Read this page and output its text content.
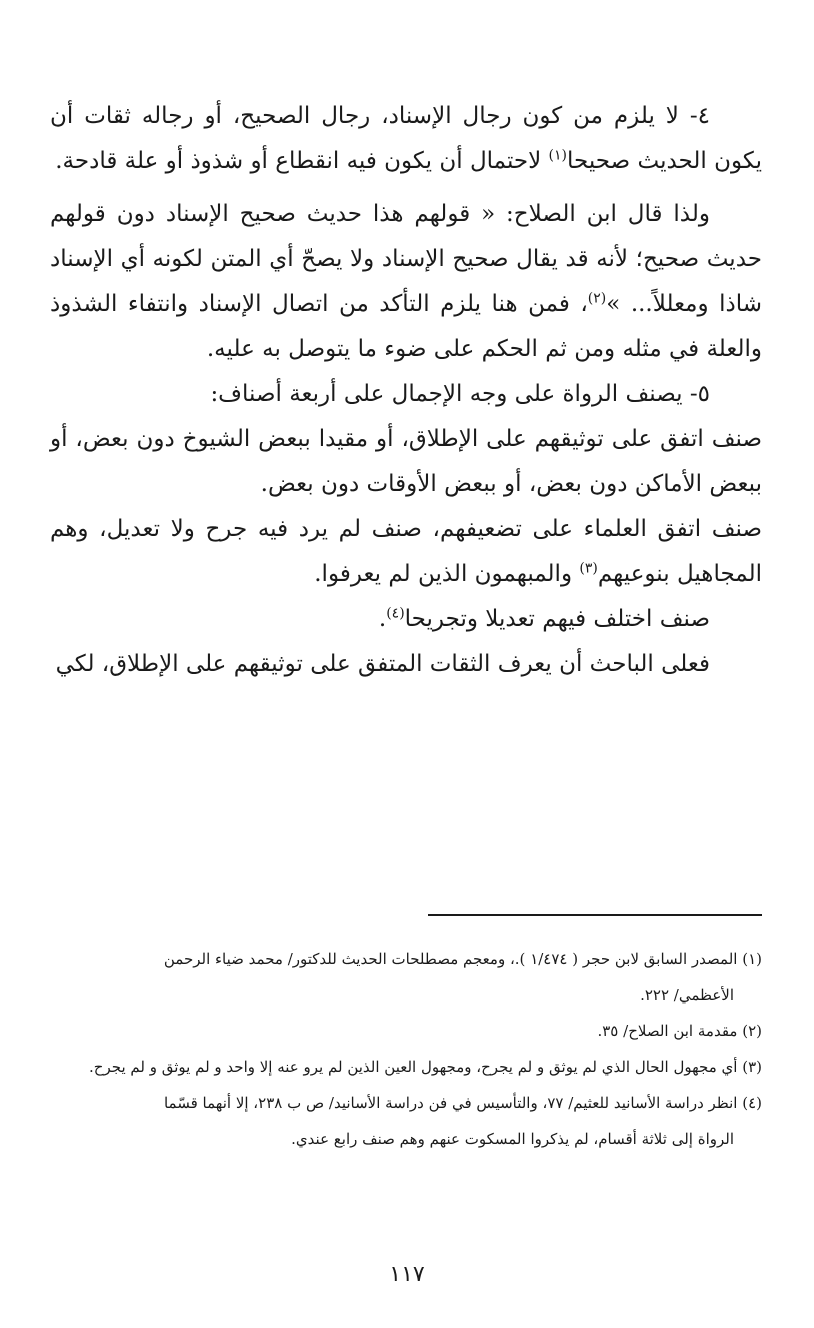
٤- لا يلزم من كون رجال الإسناد، رجال الصحيح، أو رجاله ثقات أن يكون الحديث صحيحا$^{(١)}$ لاحتمال أن يكون فيه انقطاع أو شذوذ أو علة قادحة.

ولذا قال ابن الصلاح: « قولهم هذا حديث صحيح الإسناد دون قولهم حديث صحيح؛ لأنه قد يقال صحيح الإسناد ولا يصحّ أي المتن لكونه أي الإسناد شاذا ومعللاً... »$^{(٢)}$، فمن هنا يلزم التأكد من اتصال الإسناد وانتفاء الشذوذ والعلة في مثله ومن ثم الحكم على ضوء ما يتوصل به عليه.

٥- يصنف الرواة على وجه الإجمال على أربعة أصناف:

صنف اتفق على توثيقهم على الإطلاق، أو مقيدا ببعض الشيوخ دون بعض، أو ببعض الأماكن دون بعض، أو ببعض الأوقات دون بعض.

صنف اتفق العلماء على تضعيفهم، صنف لم يرد فيه جرح ولا تعديل، وهم المجاهيل بنوعيهم$^{(٣)}$ والمبهمون الذين لم يعرفوا.

صنف اختلف فيهم تعديلا وتجريحا$^{(٤)}$.

فعلى الباحث أن يعرف الثقات المتفق على توثيقهم على الإطلاق، لكي

(١) المصدر السابق لابن حجر ( ١/٤٧٤ ).، ومعجم مصطلحات الحديث للدكتور/ محمد ضياء الرحمن

الأعظمي/ ٢٢٢.

(٢) مقدمة ابن الصلاح/ ٣٥.

(٣) أي مجهول الحال الذي لم يوثق و لم يجرح، ومجهول العين الذين لم يرو عنه إلا واحد و لم يوثق و لم يجرح.

(٤) انظر دراسة الأسانيد للعثيم/ ٧٧، والتأسيس في فن دراسة الأسانيد/ ص ب ٢٣٨، إلا أنهما قسّما

الرواة إلى ثلاثة أقسام، لم يذكروا المسكوت عنهم وهم صنف رابع عندي.

١١٧
